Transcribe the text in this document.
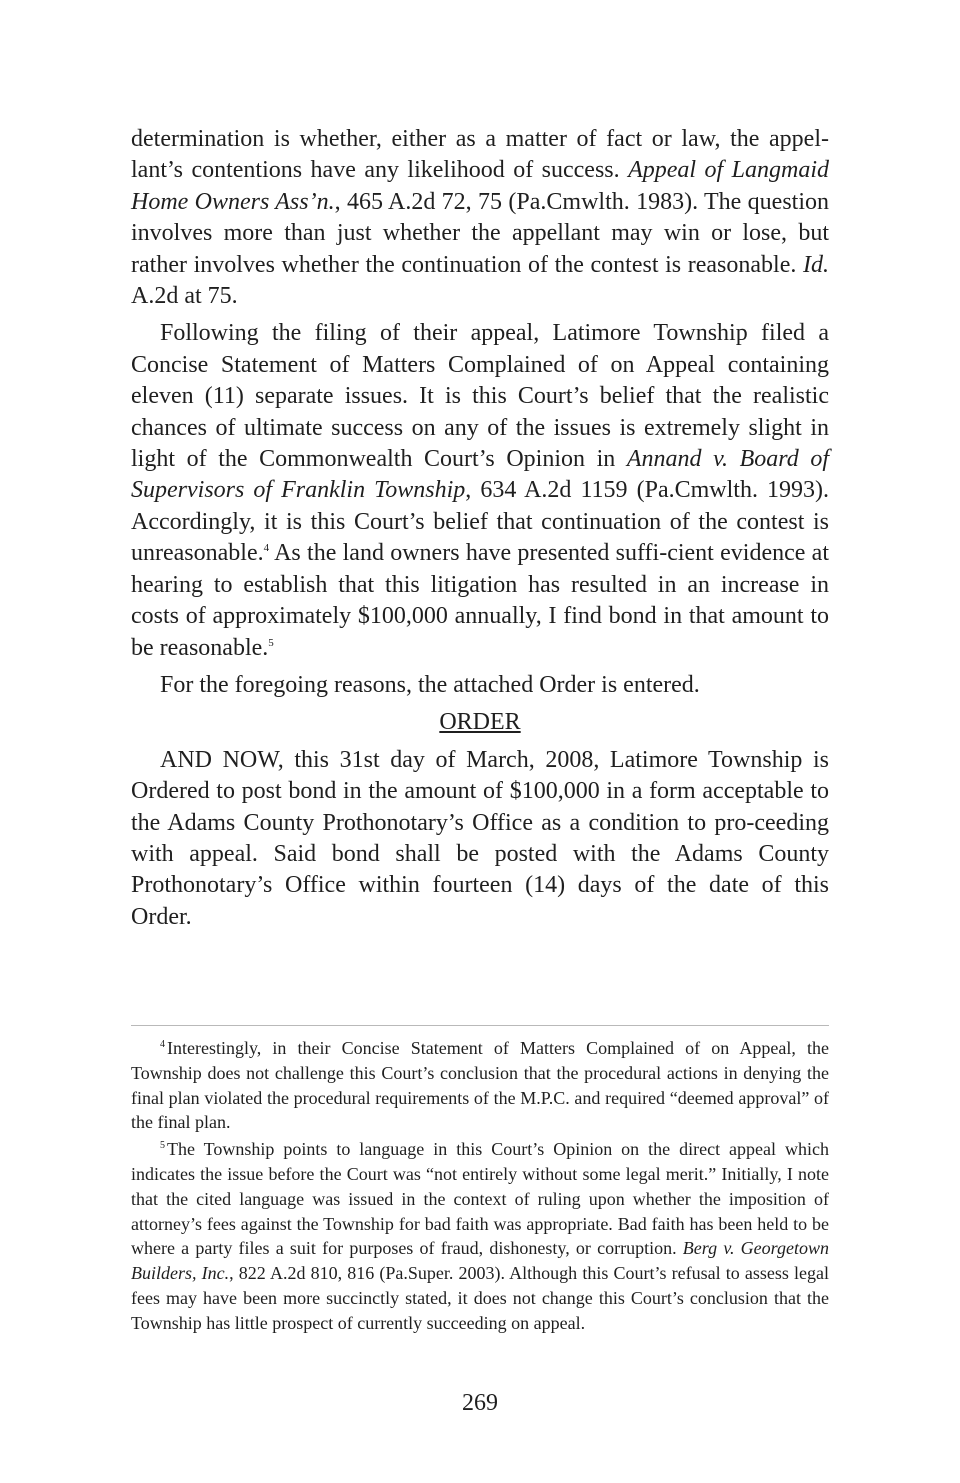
determination is whether, either as a matter of fact or law, the appel-lant’s contentions have any likelihood of success. Appeal of Langmaid Home Owners Ass’n., 465 A.2d 72, 75 (Pa.Cmwlth. 1983). The question involves more than just whether the appellant may win or lose, but rather involves whether the continuation of the contest is reasonable. Id. A.2d at 75.

Following the filing of their appeal, Latimore Township filed a Concise Statement of Matters Complained of on Appeal containing eleven (11) separate issues. It is this Court’s belief that the realistic chances of ultimate success on any of the issues is extremely slight in light of the Commonwealth Court’s Opinion in Annand v. Board of Supervisors of Franklin Township, 634 A.2d 1159 (Pa.Cmwlth. 1993). Accordingly, it is this Court’s belief that continuation of the contest is unreasonable.$^4$ As the land owners have presented suffi-cient evidence at hearing to establish that this litigation has resulted in an increase in costs of approximately $100,000 annually, I find bond in that amount to be reasonable.$^5$

For the foregoing reasons, the attached Order is entered.

ORDER

AND NOW, this 31st day of March, 2008, Latimore Township is Ordered to post bond in the amount of $100,000 in a form acceptable to the Adams County Prothonotary’s Office as a condition to pro-ceeding with appeal. Said bond shall be posted with the Adams County Prothonotary’s Office within fourteen (14) days of the date of this Order.

$^4$ Interestingly, in their Concise Statement of Matters Complained of on Appeal, the Township does not challenge this Court’s conclusion that the procedural actions in denying the final plan violated the procedural requirements of the M.P.C. and required “deemed approval” of the final plan.

$^5$ The Township points to language in this Court’s Opinion on the direct appeal which indicates the issue before the Court was “not entirely without some legal merit.” Initially, I note that the cited language was issued in the context of ruling upon whether the imposition of attorney’s fees against the Township for bad faith was appropriate. Bad faith has been held to be where a party files a suit for purposes of fraud, dishonesty, or corruption. Berg v. Georgetown Builders, Inc., 822 A.2d 810, 816 (Pa.Super. 2003). Although this Court’s refusal to assess legal fees may have been more succinctly stated, it does not change this Court’s conclusion that the Township has little prospect of currently succeeding on appeal.

269
